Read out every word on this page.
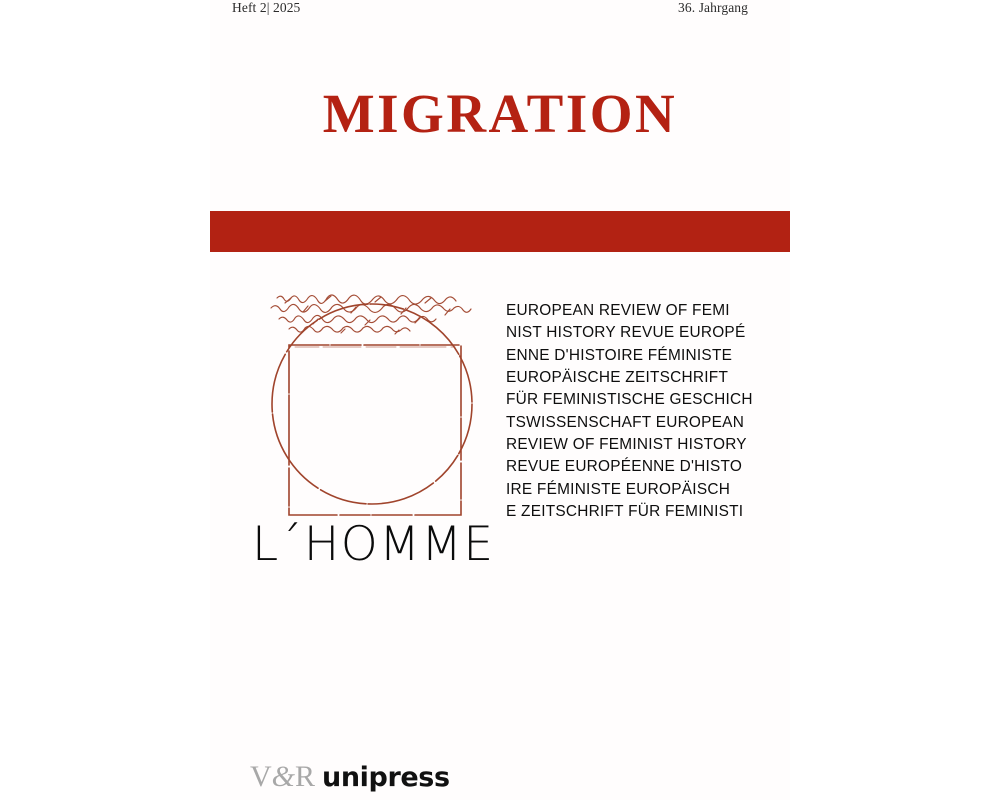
Heft 2| 2025	36. Jahrgang
MIGRATION
L´HOMME
EUROPEAN REVIEW OF FEMI
NIST HISTORY REVUE EUROPÉ
ENNE D'HISTOIRE FÉMINISTE
EUROPÄISCHE ZEITSCHRIFT
FÜR FEMINISTISCHE GESCHICH
TSWISSENSCHAFT EUROPEAN
REVIEW OF FEMINIST HISTORY
REVUE EUROPÉENNE D'HISTO
IRE FÉMINISTE EUROPÄISCH
E ZEITSCHRIFT FÜR FEMINISTI
V&R unipress
